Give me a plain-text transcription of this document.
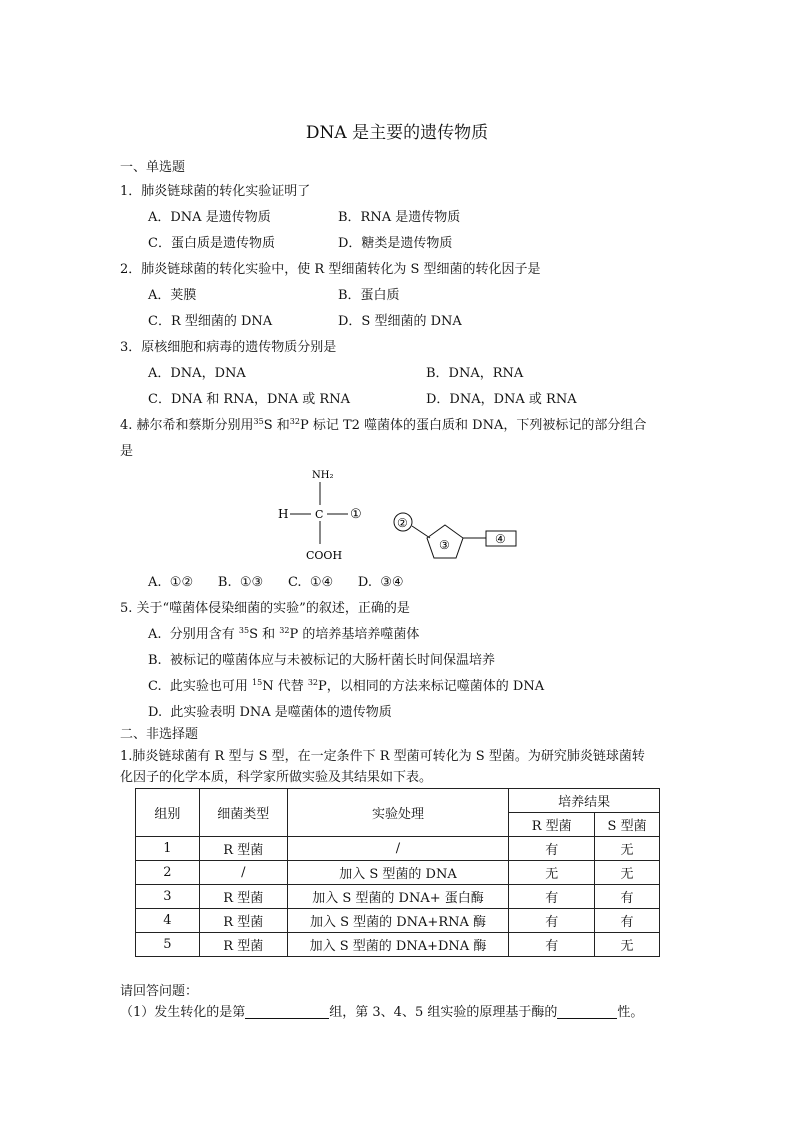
DNA 是主要的遗传物质
一、单选题
1．肺炎链球菌的转化实验证明了
A．DNA 是遗传物质	B．RNA 是遗传物质
C．蛋白质是遗传物质	D．糖类是遗传物质
2．肺炎链球菌的转化实验中，使 R 型细菌转化为 S 型细菌的转化因子是
A．荚膜	B．蛋白质
C．R 型细菌的 DNA	D．S 型细菌的 DNA
3．原核细胞和病毒的遗传物质分别是
A．DNA，DNA	B．DNA，RNA
C．DNA 和 RNA，DNA 或 RNA	D．DNA，DNA 或 RNA
4. 赫尔希和蔡斯分别用$^{35}$S 和$^{32}$P 标记 T2 噬菌体的蛋白质和 DNA，下列被标记的部分组合
是
NH₂
H C ①
COOH
②
③	④
A.  ①②      B.  ①③      C.  ①④      D.  ③④
5. 关于“噬菌体侵染细菌的实验”的叙述，正确的是
A.  分别用含有 $^{35}$S 和 $^{32}$P 的培养基培养噬菌体
B.  被标记的噬菌体应与未被标记的大肠杆菌长时间保温培养
C.  此实验也可用 $^{15}$N 代替 $^{32}$P，以相同的方法来标记噬菌体的 DNA
D.  此实验表明 DNA 是噬菌体的遗传物质
二、非选择题
1.肺炎链球菌有 R 型与 S 型，在一定条件下 R 型菌可转化为 S 型菌。为研究肺炎链球菌转
化因子的化学本质，科学家所做实验及其结果如下表。
组别	细菌类型	实验处理	培养结果	
			R 型菌	S 型菌
1	R 型菌	/	有	无
2	/	加入 S 型菌的 DNA	无	无
3	R 型菌	加入 S 型菌的 DNA+ 蛋白酶	有	有
4	R 型菌	加入 S 型菌的 DNA+RNA 酶	有	有
5	R 型菌	加入 S 型菌的 DNA+DNA 酶	有	无
请回答问题：
（1）发生转化的是第	组，第 3、4、5 组实验的原理基于酶的	性。
